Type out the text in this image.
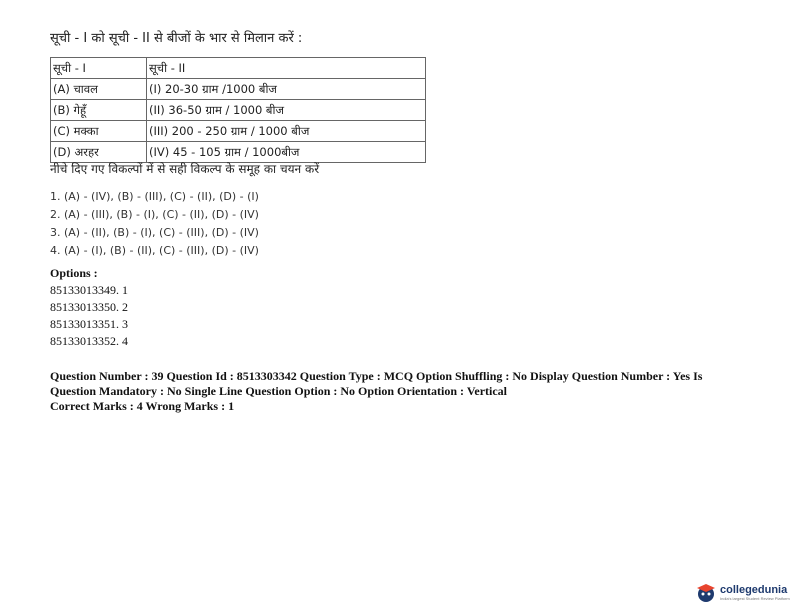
सूची - I को सूची - II से बीजों के भार से मिलान करें :
सूची - I	सूची - II
(A) चावल	(I) 20-30 ग्राम /1000 बीज
(B) गेहूँ	(II) 36-50 ग्राम / 1000 बीज
(C) मक्का	(III) 200 - 250 ग्राम / 1000 बीज
(D) अरहर	(IV) 45 - 105 ग्राम / 1000बीज
नीचे दिए गए विकल्पों में से सही विकल्प के समूह का चयन करें
1. (A) - (IV), (B) - (III), (C) - (II), (D) - (I)
2. (A) - (III), (B) - (I), (C) - (II), (D) - (IV)
3. (A) - (II), (B) - (I), (C) - (III), (D) - (IV)
4. (A) - (I), (B) - (II), (C) - (III), (D) - (IV)
Options :
85133013349. 1
85133013350. 2
85133013351. 3
85133013352. 4
Question Number : 39 Question Id : 8513303342 Question Type : MCQ Option Shuffling : No Display Question Number : Yes Is
Question Mandatory : No Single Line Question Option : No Option Orientation : Vertical
Correct Marks : 4 Wrong Marks : 1
collegedunia
India's largest Student Review Platform
